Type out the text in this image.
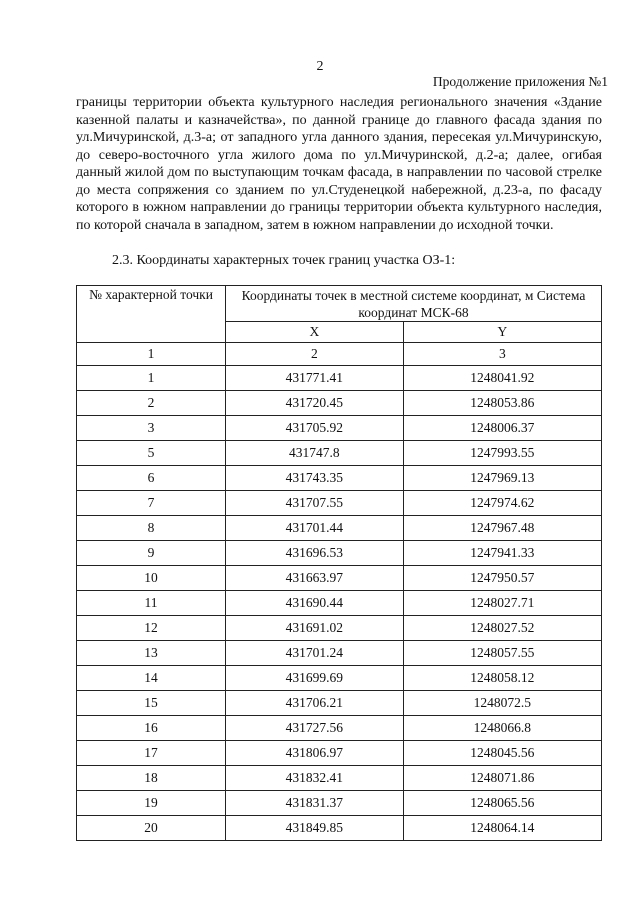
2
Продолжение приложения №1
границы территории объекта культурного наследия регионального значения «Здание казенной палаты и казначейства», по данной границе до главного фасада здания по ул.Мичуринской, д.3-а; от западного угла данного здания, пересекая ул.Мичуринскую, до северо-восточного угла жилого дома по ул.Мичуринской, д.2-а; далее, огибая данный жилой дом по выступающим точкам фасада, в направлении по часовой стрелке до места сопряжения со зданием по ул.Студенецкой набережной, д.23-а, по фасаду которого в южном направлении до границы территории объекта культурного наследия, по которой сначала в западном, затем в южном направлении до исходной точки.
2.3. Координаты характерных точек границ участка ОЗ-1:
№ характерной точки	Координаты точек в местной системе координат, м Система координат МСК-68	
	X	Y
1	2	3
1	431771.41	1248041.92
2	431720.45	1248053.86
3	431705.92	1248006.37
5	431747.8	1247993.55
6	431743.35	1247969.13
7	431707.55	1247974.62
8	431701.44	1247967.48
9	431696.53	1247941.33
10	431663.97	1247950.57
11	431690.44	1248027.71
12	431691.02	1248027.52
13	431701.24	1248057.55
14	431699.69	1248058.12
15	431706.21	1248072.5
16	431727.56	1248066.8
17	431806.97	1248045.56
18	431832.41	1248071.86
19	431831.37	1248065.56
20	431849.85	1248064.14
